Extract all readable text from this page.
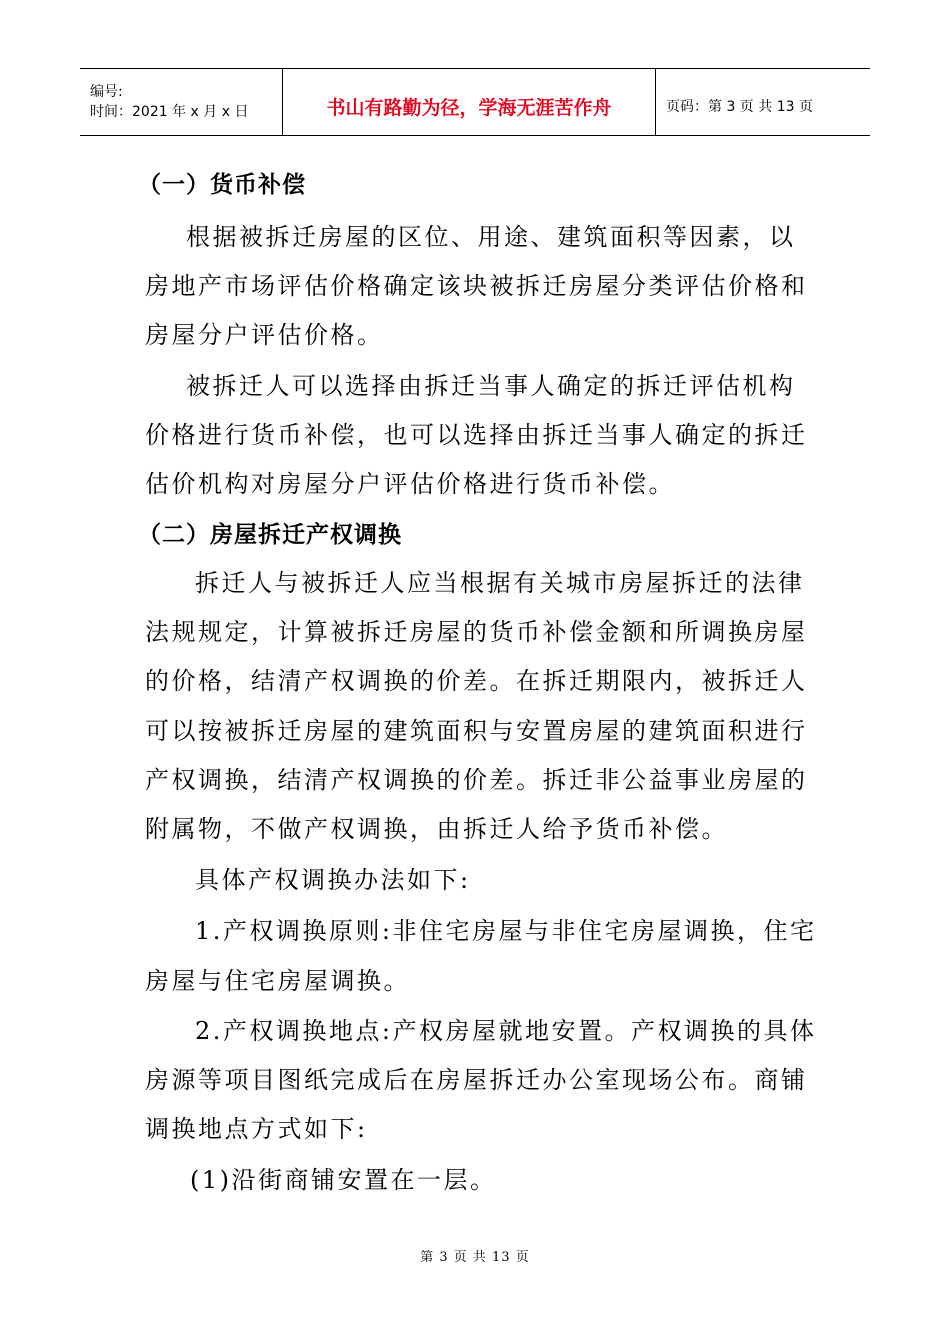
编号:
时间：2021 年 x 月 x 日	书山有路勤为径，学海无涯苦作舟	页码：第 3 页 共 13 页
（一）货币补偿
根据被拆迁房屋的区位、用途、建筑面积等因素，以
房地产市场评估价格确定该块被拆迁房屋分类评估价格和
房屋分户评估价格。
被拆迁人可以选择由拆迁当事人确定的拆迁评估机构
价格进行货币补偿，也可以选择由拆迁当事人确定的拆迁
估价机构对房屋分户评估价格进行货币补偿。
（二）房屋拆迁产权调换
拆迁人与被拆迁人应当根据有关城市房屋拆迁的法律
法规规定，计算被拆迁房屋的货币补偿金额和所调换房屋
的价格，结清产权调换的价差。在拆迁期限内，被拆迁人
可以按被拆迁房屋的建筑面积与安置房屋的建筑面积进行
产权调换，结清产权调换的价差。拆迁非公益事业房屋的
附属物，不做产权调换，由拆迁人给予货币补偿。
具体产权调换办法如下:
1.产权调换原则:非住宅房屋与非住宅房屋调换，住宅
房屋与住宅房屋调换。
2.产权调换地点:产权房屋就地安置。产权调换的具体
房源等项目图纸完成后在房屋拆迁办公室现场公布。商铺
调换地点方式如下:
(1)沿街商铺安置在一层。
第 3 页 共 13 页
